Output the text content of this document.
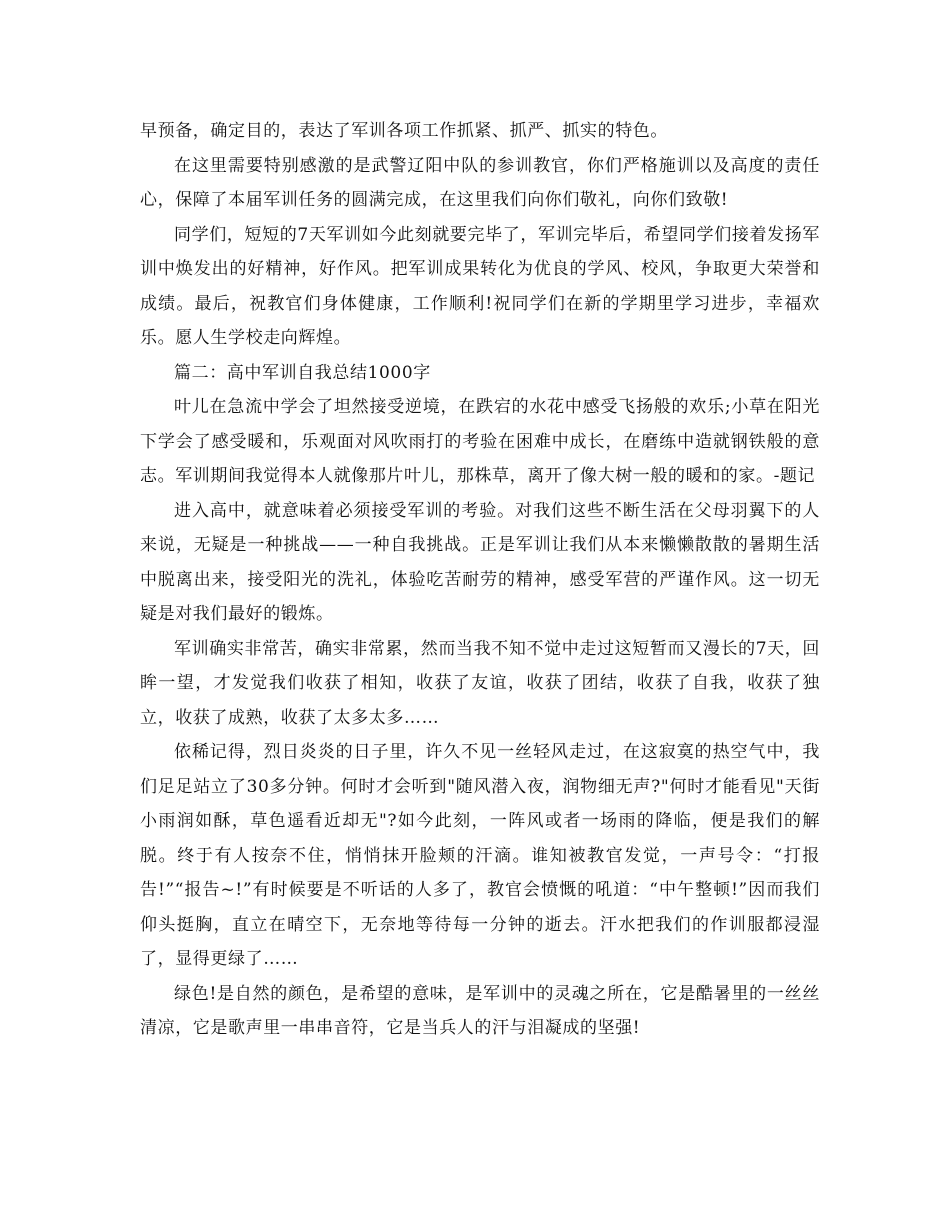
早预备，确定目的，表达了军训各项工作抓紧、抓严、抓实的特色。

在这里需要特别感激的是武警辽阳中队的参训教官，你们严格施训以及高度的责任心，保障了本届军训任务的圆满完成，在这里我们向你们敬礼，向你们致敬!

同学们，短短的7天军训如今此刻就要完毕了，军训完毕后，希望同学们接着发扬军训中焕发出的好精神，好作风。把军训成果转化为优良的学风、校风，争取更大荣誉和成绩。最后，祝教官们身体健康，工作顺利!祝同学们在新的学期里学习进步，幸福欢乐。愿人生学校走向辉煌。

篇二：高中军训自我总结1000字

叶儿在急流中学会了坦然接受逆境，在跌宕的水花中感受飞扬般的欢乐;小草在阳光下学会了感受暖和，乐观面对风吹雨打的考验在困难中成长，在磨练中造就钢铁般的意志。军训期间我觉得本人就像那片叶儿，那株草，离开了像大树一般的暖和的家。-题记

进入高中，就意味着必须接受军训的考验。对我们这些不断生活在父母羽翼下的人来说，无疑是一种挑战——一种自我挑战。正是军训让我们从本来懒懒散散的暑期生活中脱离出来，接受阳光的洗礼，体验吃苦耐劳的精神，感受军营的严谨作风。这一切无疑是对我们最好的锻炼。

军训确实非常苦，确实非常累，然而当我不知不觉中走过这短暂而又漫长的7天，回眸一望，才发觉我们收获了相知，收获了友谊，收获了团结，收获了自我，收获了独立，收获了成熟，收获了太多太多……

依稀记得，烈日炎炎的日子里，许久不见一丝轻风走过，在这寂寞的热空气中，我们足足站立了30多分钟。何时才会听到"随风潜入夜，润物细无声?"何时才能看见"天街小雨润如酥，草色遥看近却无"?如今此刻，一阵风或者一场雨的降临，便是我们的解脱。终于有人按奈不住，悄悄抹开脸颊的汗滴。谁知被教官发觉，一声号令：“打报告!”“报告~!”有时候要是不听话的人多了，教官会愤慨的吼道：“中午整顿!”因而我们仰头挺胸，直立在晴空下，无奈地等待每一分钟的逝去。汗水把我们的作训服都浸湿了，显得更绿了……

绿色!是自然的颜色，是希望的意味，是军训中的灵魂之所在，它是酷暑里的一丝丝清凉，它是歌声里一串串音符，它是当兵人的汗与泪凝成的坚强!
